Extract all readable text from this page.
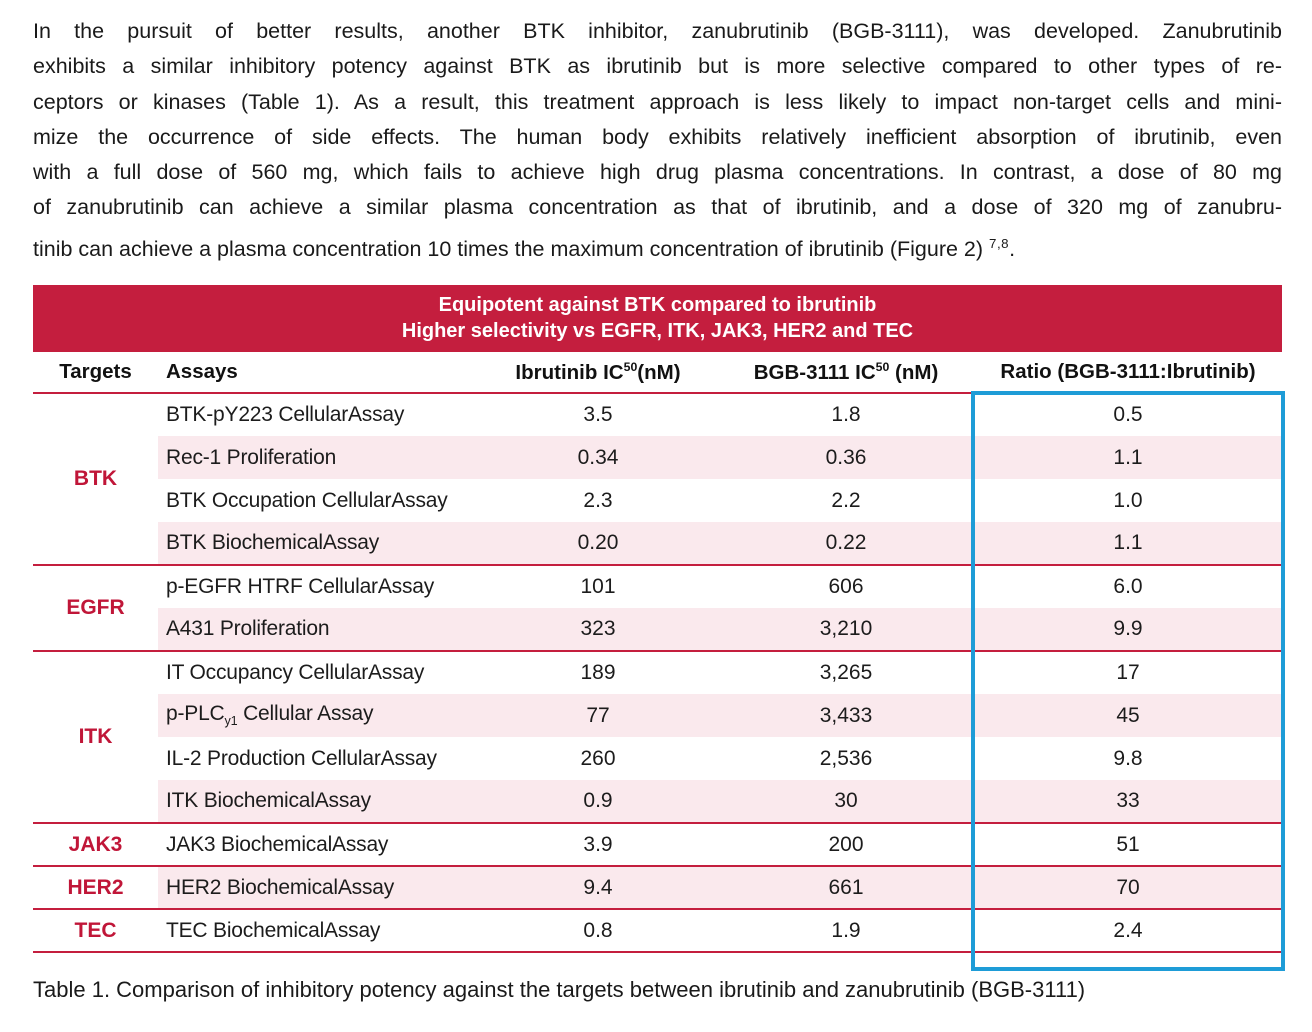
In the pursuit of better results, another BTK inhibitor, zanubrutinib (BGB-3111), was developed. Zanubrutinib
exhibits a similar inhibitory potency against BTK as ibrutinib but is more selective compared to other types of re-
ceptors or kinases (Table 1). As a result, this treatment approach is less likely to impact non-target cells and mini-
mize the occurrence of side effects. The human body exhibits relatively inefficient absorption of ibrutinib, even
with a full dose of 560 mg, which fails to achieve high drug plasma concentrations. In contrast, a dose of 80 mg
of zanubrutinib can achieve a similar plasma concentration as that of ibrutinib, and a dose of 320 mg of zanubru-
tinib can achieve a plasma concentration 10 times the maximum concentration of ibrutinib (Figure 2) $^{7,8}$.
Equipotent against BTK compared to ibrutinib
Higher selectivity vs EGFR, ITK, JAK3, HER2 and TEC
Targets	Assays	Ibrutinib IC$^{50}$(nM)	BGB-3111 IC$^{50}$ (nM)	Ratio (BGB-3111:Ibrutinib)
BTK	BTK-pY223 CellularAssay	3.5	1.8	0.5
	Rec-1 Proliferation	0.34	0.36	1.1
	BTK Occupation CellularAssay	2.3	2.2	1.0
	BTK BiochemicalAssay	0.20	0.22	1.1
EGFR	p-EGFR HTRF CellularAssay	101	606	6.0
	A431 Proliferation	323	3,210	9.9
ITK	IT Occupancy CellularAssay	189	3,265	17
	$p-PLC_{y1}$ Cellular Assay	77	3,433	45
	IL-2 Production CellularAssay	260	2,536	9.8
	ITK BiochemicalAssay	0.9	30	33
JAK3	JAK3 BiochemicalAssay	3.9	200	51
HER2	HER2 BiochemicalAssay	9.4	661	70
TEC	TEC BiochemicalAssay	0.8	1.9	2.4
Table 1. Comparison of inhibitory potency against the targets between ibrutinib and zanubrutinib (BGB-3111)
